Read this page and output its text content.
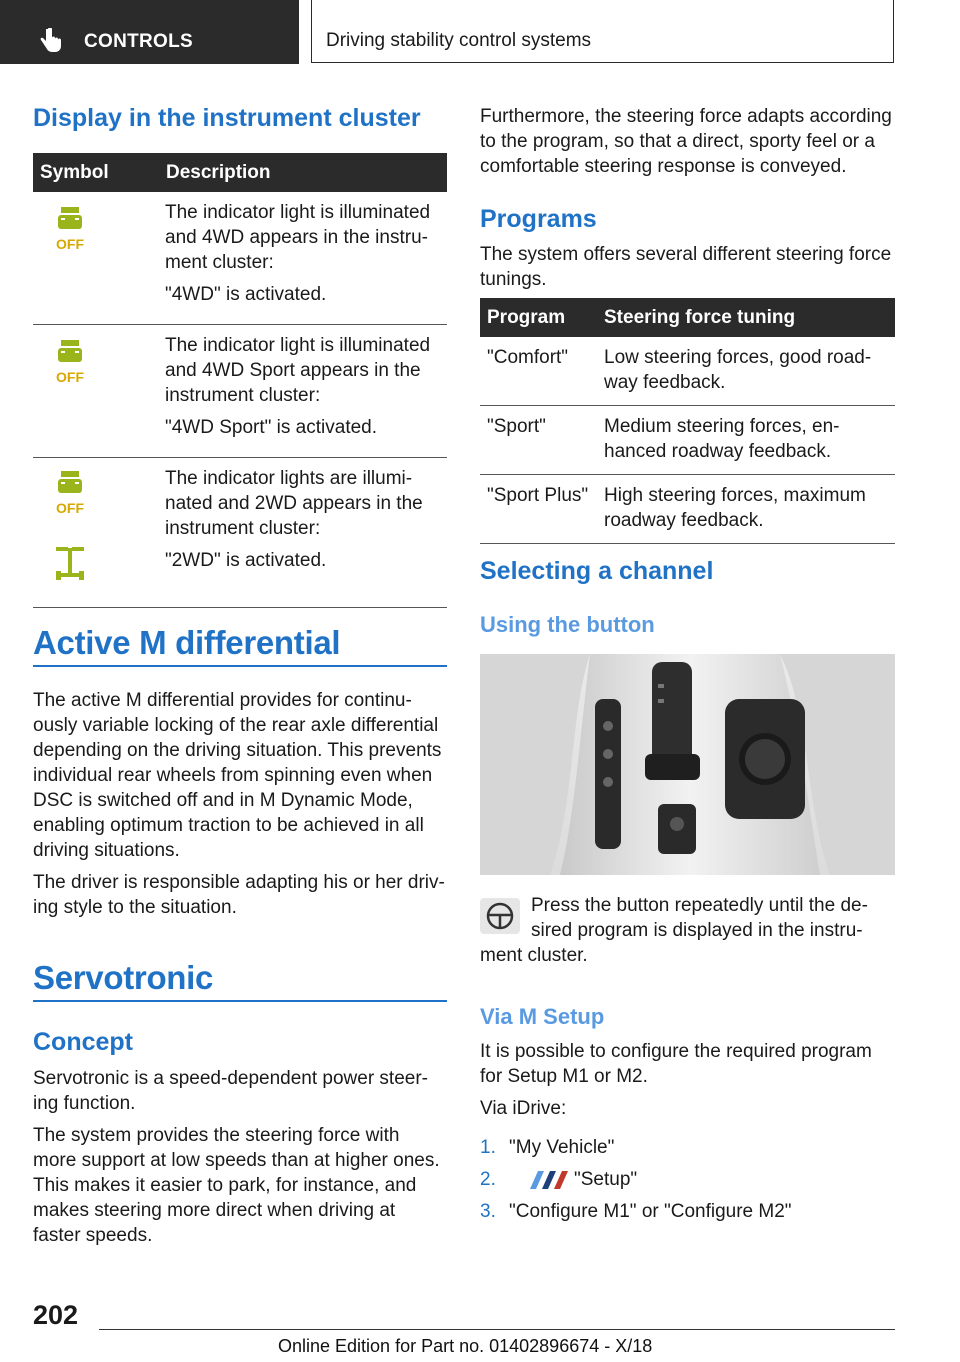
CONTROLS	Driving stability control systems
Display in the instrument cluster
Symbol	Description

OFF	The indicator light is illuminated and 4WD appears in the instru-ment cluster:

"4WD" is activated.

OFF	The indicator light is illuminated and 4WD Sport appears in the instrument cluster:

"4WD Sport" is activated.

OFF	The indicator lights are illumi-nated and 2WD appears in the instrument cluster:

"2WD" is activated.

Active M differential

The active M differential provides for continu-ously variable locking of the rear axle differential depending on the driving situation. This prevents individual rear wheels from spinning even when DSC is switched off and in M Dynamic Mode, enabling optimum traction to be achieved in all driving situations.

The driver is responsible adapting his or her driv-ing style to the situation.

Servotronic
Concept

Servotronic is a speed-dependent power steer-ing function.

The system provides the steering force with more support at low speeds than at higher ones. This makes it easier to park, for instance, and makes steering more direct when driving at faster speeds.

Furthermore, the steering force adapts according to the program, so that a direct, sporty feel or a comfortable steering response is conveyed.

Programs

The system offers several different steering force tunings.

Program	Steering force tuning
"Comfort"	Low steering forces, good road-way feedback.
"Sport"	Medium steering forces, en-hanced roadway feedback.
"Sport Plus"	High steering forces, maximum roadway feedback.
Selecting a channel
Using the button
Press the button repeatedly until the de-
sired program is displayed in the instru-
ment cluster.
Via M Setup

It is possible to configure the required program for Setup M1 or M2.

Via iDrive:

1. "My Vehicle"
2.	"Setup"
3. "Configure M1" or "Configure M2"
202
Online Edition for Part no. 01402896674 - X/18
